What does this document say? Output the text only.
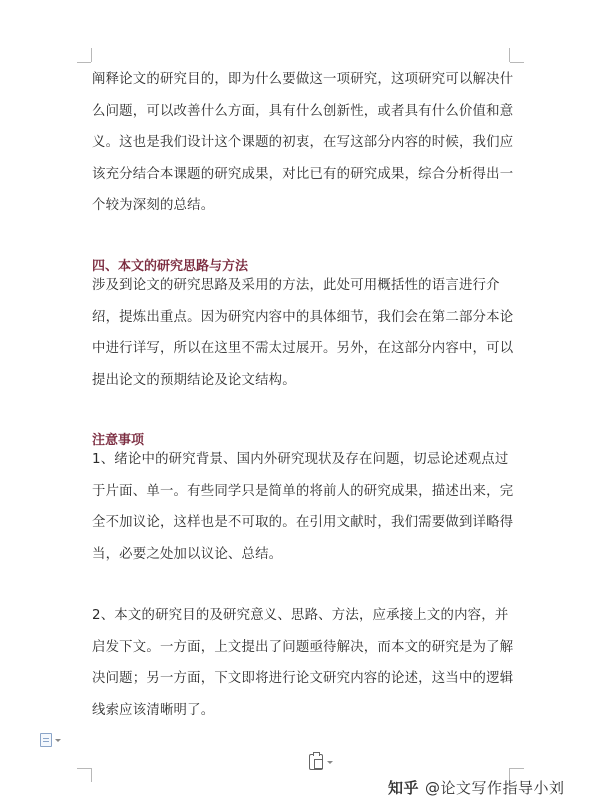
阐释论文的研究目的，即为什么要做这一项研究，这项研究可以解决什么问题，可以改善什么方面，具有什么创新性，或者具有什么价值和意义。这也是我们设计这个课题的初衷，在写这部分内容的时候，我们应该充分结合本课题的研究成果，对比已有的研究成果，综合分析得出一个较为深刻的总结。

四、本文的研究思路与方法

涉及到论文的研究思路及采用的方法，此处可用概括性的语言进行介绍，提炼出重点。因为研究内容中的具体细节，我们会在第二部分本论中进行详写，所以在这里不需太过展开。另外，在这部分内容中，可以提出论文的预期结论及论文结构。

注意事项

1、绪论中的研究背景、国内外研究现状及存在问题，切忌论述观点过于片面、单一。有些同学只是简单的将前人的研究成果，描述出来，完全不加议论，这样也是不可取的。在引用文献时，我们需要做到详略得当，必要之处加以议论、总结。

2、本文的研究目的及研究意义、思路、方法，应承接上文的内容，并启发下文。一方面，上文提出了问题亟待解决，而本文的研究是为了解决问题；另一方面，下文即将进行论文研究内容的论述，这当中的逻辑线索应该清晰明了。

知乎 @论文写作指导小刘
